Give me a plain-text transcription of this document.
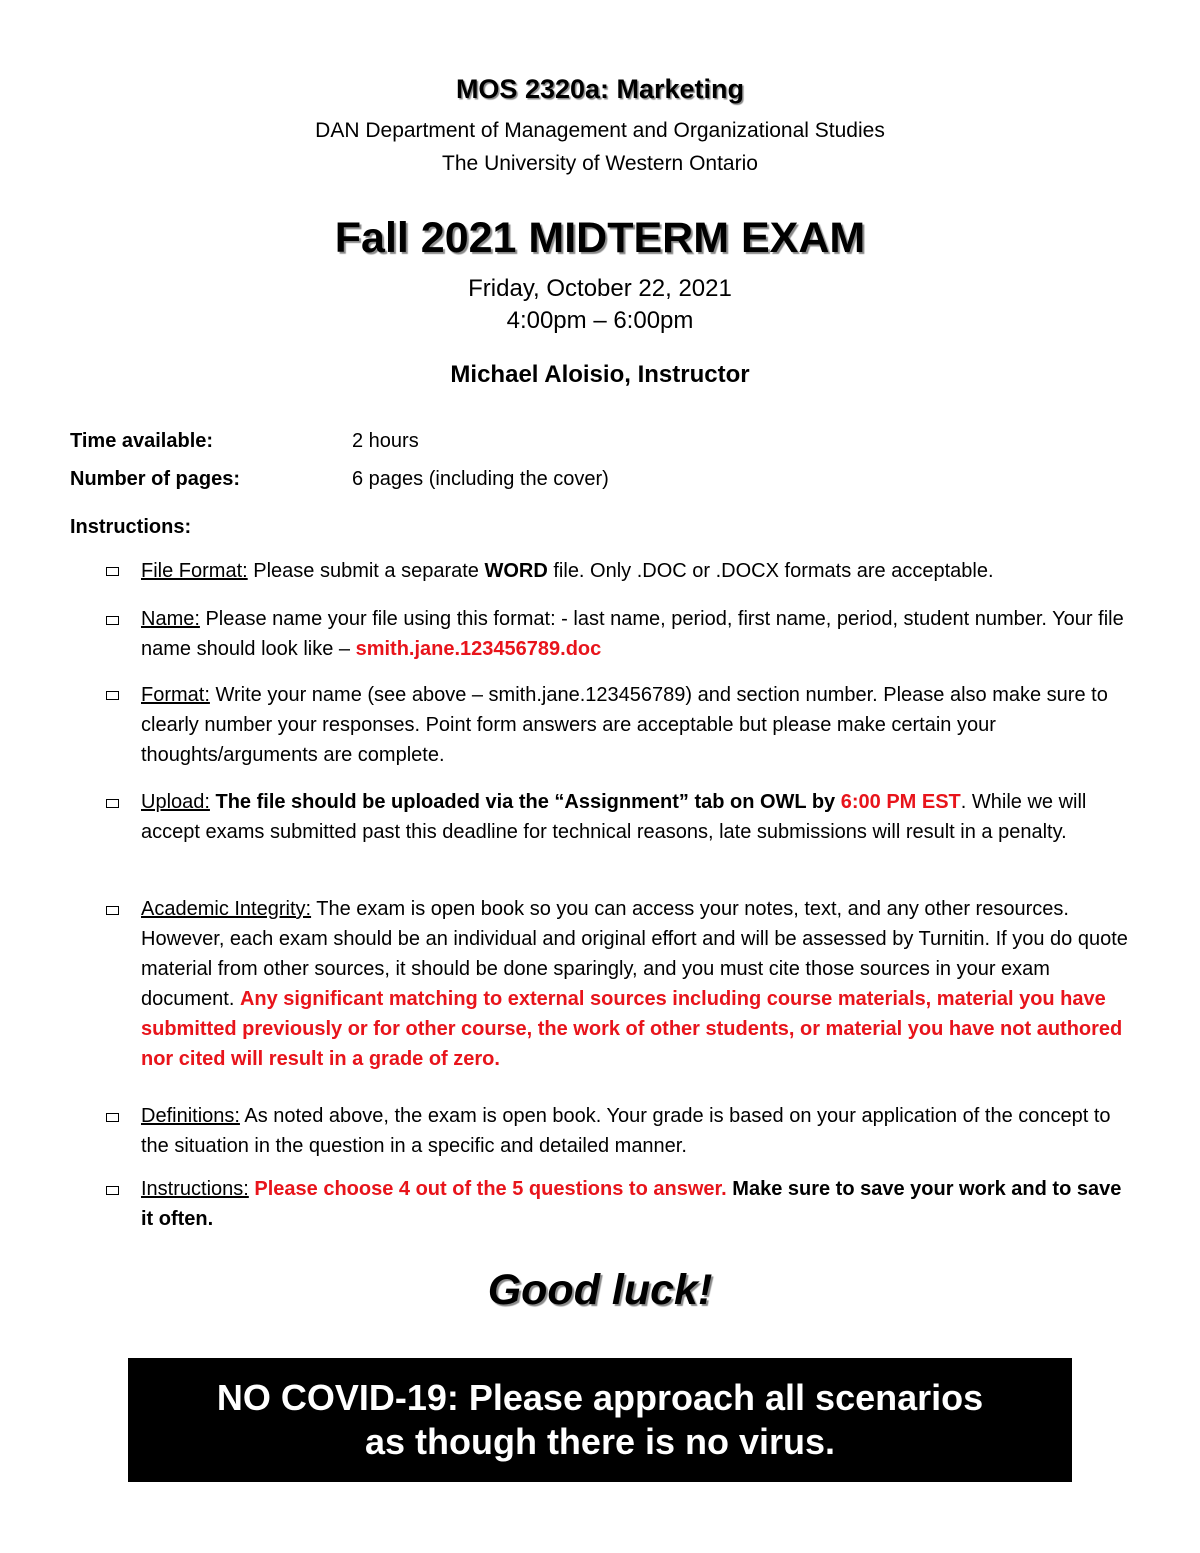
MOS 2320a: Marketing
DAN Department of Management and Organizational Studies
The University of Western Ontario
Fall 2021 MIDTERM EXAM
Friday, October 22, 2021
4:00pm – 6:00pm
Michael Aloisio, Instructor
Time available:	2 hours
Number of pages:	6 pages (including the cover)
Instructions:
File Format: Please submit a separate WORD file. Only .DOC or .DOCX formats are acceptable.
Name: Please name your file using this format: - last name, period, first name, period, student number. Your file name should look like – smith.jane.123456789.doc
Format: Write your name (see above – smith.jane.123456789) and section number. Please also make sure to clearly number your responses. Point form answers are acceptable but please make certain your thoughts/arguments are complete.
Upload: The file should be uploaded via the “Assignment” tab on OWL by 6:00 PM EST. While we will accept exams submitted past this deadline for technical reasons, late submissions will result in a penalty.
Academic Integrity: The exam is open book so you can access your notes, text, and any other resources. However, each exam should be an individual and original effort and will be assessed by Turnitin. If you do quote material from other sources, it should be done sparingly, and you must cite those sources in your exam document. Any significant matching to external sources including course materials, material you have submitted previously or for other course, the work of other students, or material you have not authored nor cited will result in a grade of zero.
Definitions: As noted above, the exam is open book. Your grade is based on your application of the concept to the situation in the question in a specific and detailed manner.
Instructions: Please choose 4 out of the 5 questions to answer. Make sure to save your work and to save it often.
Good luck!
NO COVID-19: Please approach all scenarios
as though there is no virus.
